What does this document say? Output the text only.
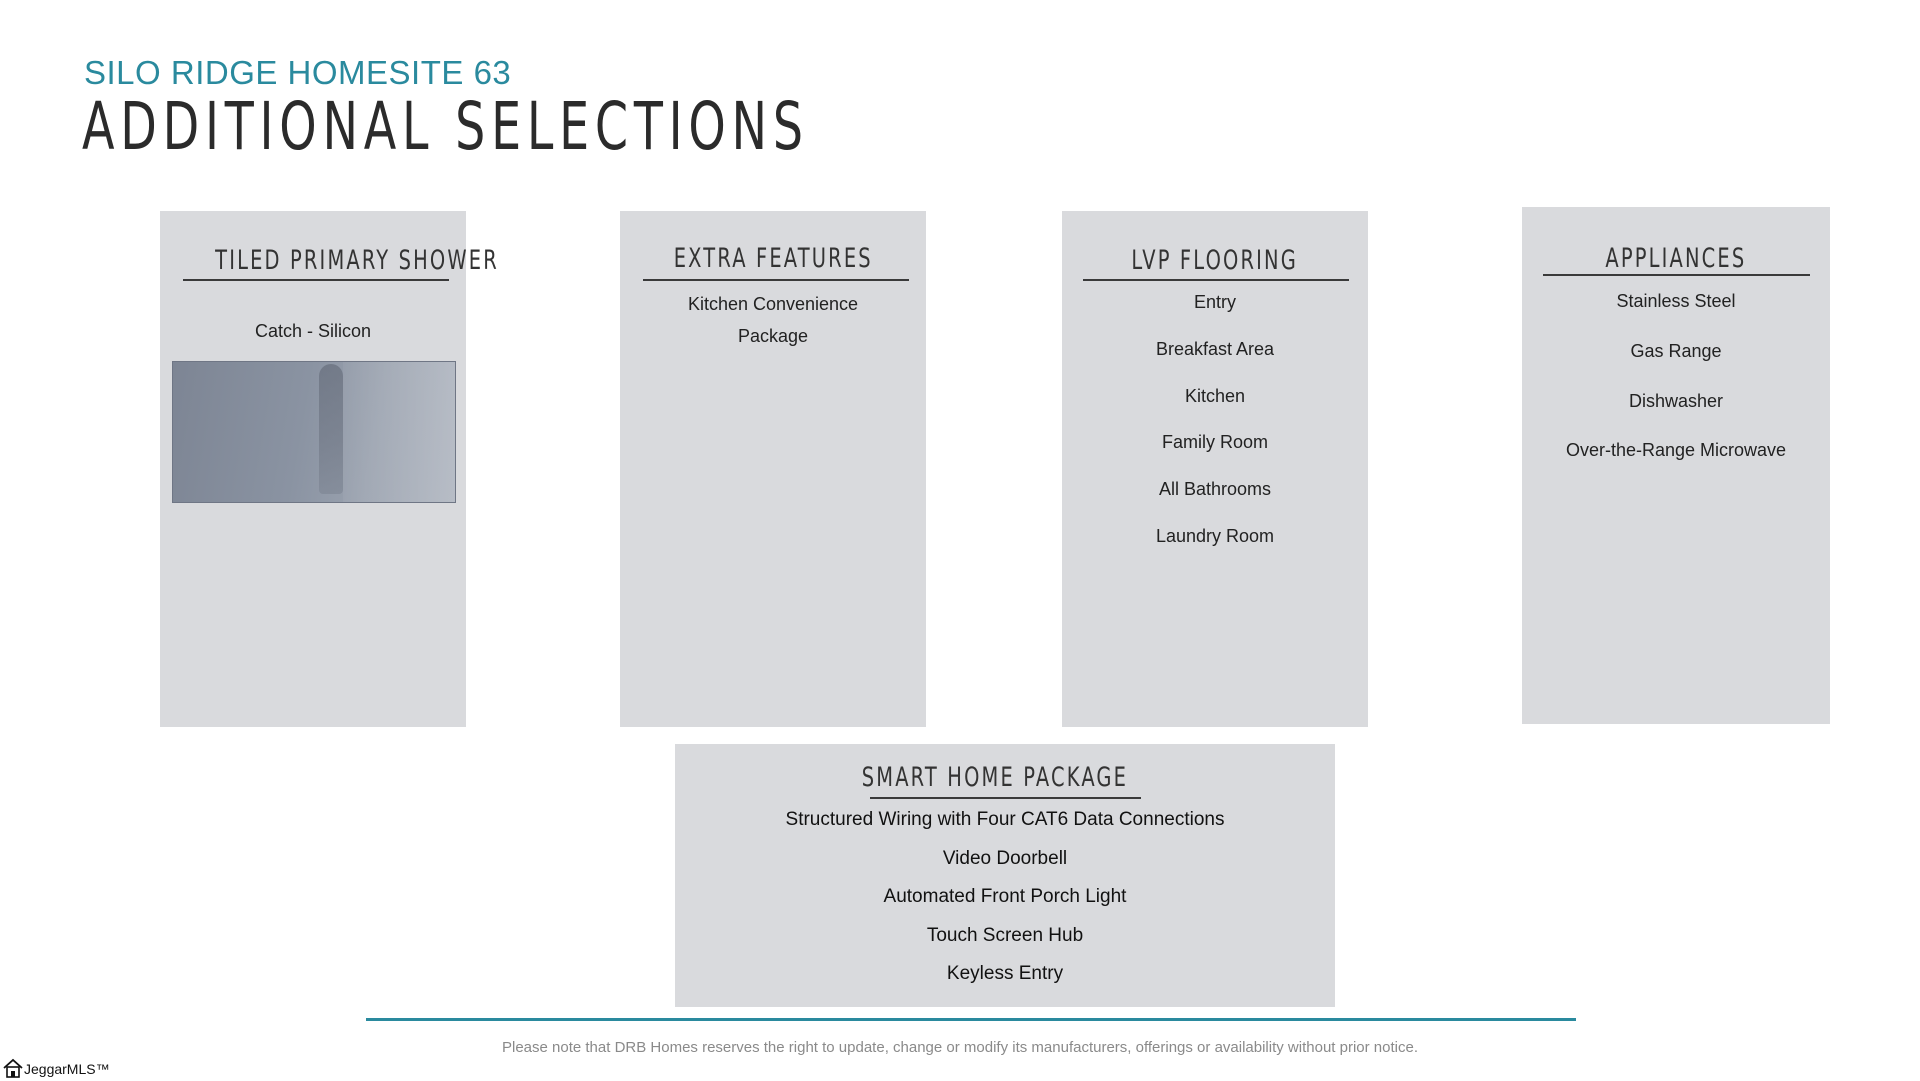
SILO RIDGE HOMESITE 63
ADDITIONAL SELECTIONS
TILED PRIMARY SHOWER
Catch - Silicon
EXTRA FEATURES
Kitchen Convenience
Package
LVP FLOORING
Entry
Breakfast Area
Kitchen
Family Room
All Bathrooms
Laundry Room
APPLIANCES
Stainless Steel
Gas Range
Dishwasher
Over-the-Range Microwave
SMART HOME PACKAGE
Structured Wiring with Four CAT6 Data Connections
Video Doorbell
Automated Front Porch Light
Touch Screen Hub
Keyless Entry
Please note that DRB Homes reserves the right to update, change or modify its manufacturers, offerings or availability without prior notice.
JeggarMLS™
